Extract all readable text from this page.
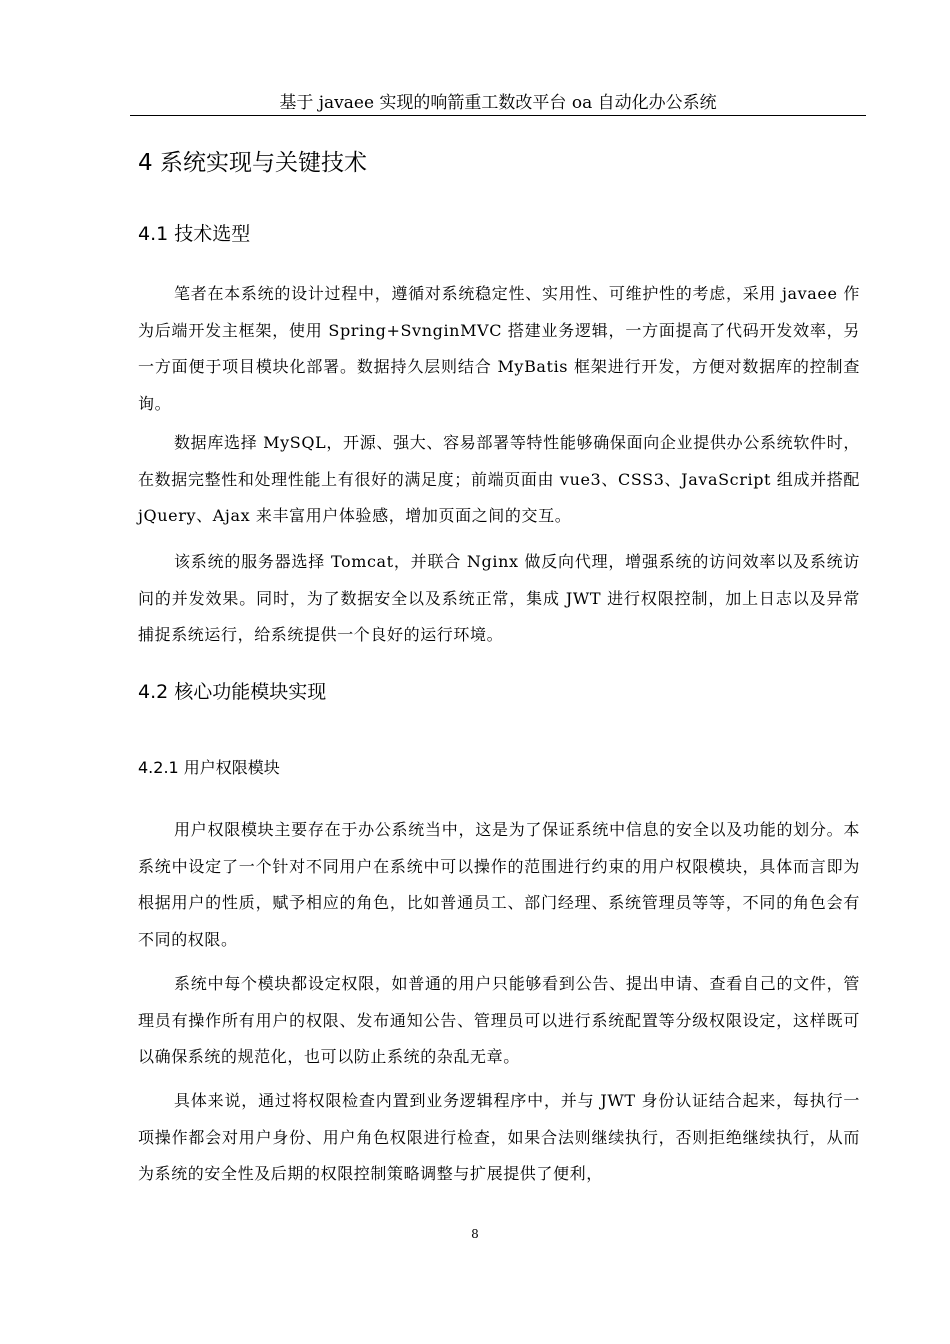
基于 javaee 实现的响箭重工数改平台 oa 自动化办公系统
4 系统实现与关键技术
4.1 技术选型

笔者在本系统的设计过程中，遵循对系统稳定性、实用性、可维护性的考虑，采用 javaee 作为后端开发主框架，使用 Spring+SvnginMVC 搭建业务逻辑，一方面提高了代码开发效率，另一方面便于项目模块化部署。数据持久层则结合 MyBatis 框架进行开发，方便对数据库的控制查询。

数据库选择 MySQL，开源、强大、容易部署等特性能够确保面向企业提供办公系统软件时，在数据完整性和处理性能上有很好的满足度；前端页面由 vue3、CSS3、JavaScript 组成并搭配 jQuery、Ajax 来丰富用户体验感，增加页面之间的交互。

该系统的服务器选择 Tomcat，并联合 Nginx 做反向代理，增强系统的访问效率以及系统访问的并发效果。同时，为了数据安全以及系统正常，集成 JWT 进行权限控制，加上日志以及异常捕捉系统运行，给系统提供一个良好的运行环境。

4.2 核心功能模块实现
4.2.1 用户权限模块

用户权限模块主要存在于办公系统当中，这是为了保证系统中信息的安全以及功能的划分。本系统中设定了一个针对不同用户在系统中可以操作的范围进行约束的用户权限模块，具体而言即为根据用户的性质，赋予相应的角色，比如普通员工、部门经理、系统管理员等等，不同的角色会有不同的权限。

系统中每个模块都设定权限，如普通的用户只能够看到公告、提出申请、查看自己的文件，管理员有操作所有用户的权限、发布通知公告、管理员可以进行系统配置等分级权限设定，这样既可以确保系统的规范化，也可以防止系统的杂乱无章。

具体来说，通过将权限检查内置到业务逻辑程序中，并与 JWT 身份认证结合起来，每执行一项操作都会对用户身份、用户角色权限进行检查，如果合法则继续执行，否则拒绝继续执行，从而为系统的安全性及后期的权限控制策略调整与扩展提供了便利，

8
